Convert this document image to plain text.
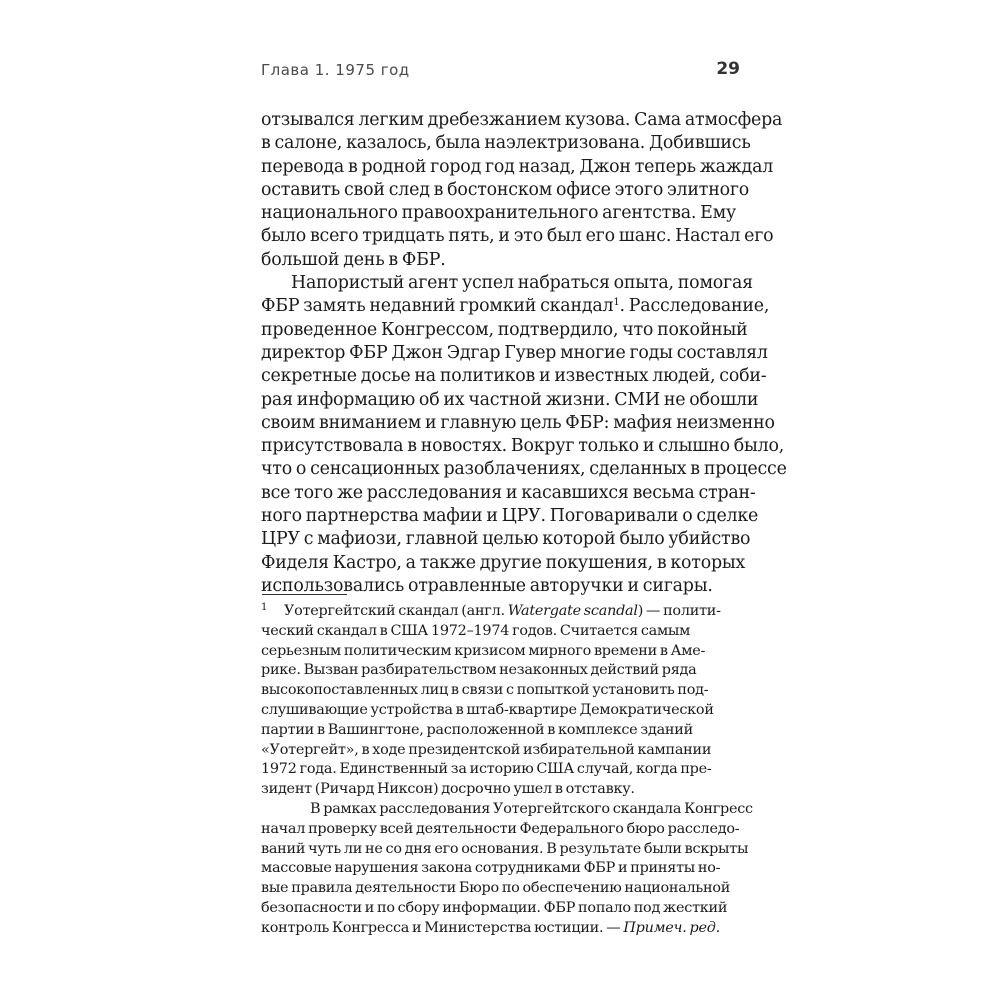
Глава 1. 1975 год	29
отзывался легким дребезжанием кузова. Сама атмосфера
в салоне, казалось, была наэлектризована. Добившись
перевода в родной город год назад, Джон теперь жаждал
оставить свой след в бостонском офисе этого элитного
национального правоохранительного агентства. Ему
было всего тридцать пять, и это был его шанс. Настал его
большой день в ФБР.
Напористый агент успел набраться опыта, помогая
ФБР замять недавний громкий скандал$^1$. Расследование,
проведенное Конгрессом, подтвердило, что покойный
директор ФБР Джон Эдгар Гувер многие годы составлял
секретные досье на политиков и известных людей, соби-
рая информацию об их частной жизни. СМИ не обошли
своим вниманием и главную цель ФБР: мафия неизменно
присутствовала в новостях. Вокруг только и слышно было,
что о сенсационных разоблачениях, сделанных в процессе
все того же расследования и касавшихся весьма стран-
ного партнерства мафии и ЦРУ. Поговаривали о сделке
ЦРУ с мафиози, главной целью которой было убийство
Фиделя Кастро, а также другие покушения, в которых
использовались отравленные авторучки и сигары.
1 Уотергейтский скандал (англ. Watergate scandal) — полити-
ческий скандал в США 1972–1974 годов. Считается самым
серьезным политическим кризисом мирного времени в Аме-
рике. Вызван разбирательством незаконных действий ряда
высокопоставленных лиц в связи с попыткой установить под-
слушивающие устройства в штаб-квартире Демократической
партии в Вашингтоне, расположенной в комплексе зданий
«Уотергейт», в ходе президентской избирательной кампании
1972 года. Единственный за историю США случай, когда пре-
зидент (Ричард Никсон) досрочно ушел в отставку.
В рамках расследования Уотергейтского скандала Конгресс
начал проверку всей деятельности Федерального бюро расследо-
ваний чуть ли не со дня его основания. В результате были вскрыты
массовые нарушения закона сотрудниками ФБР и приняты но-
вые правила деятельности Бюро по обеспечению национальной
безопасности и по сбору информации. ФБР попало под жесткий
контроль Конгресса и Министерства юстиции. — Примеч. ред.
